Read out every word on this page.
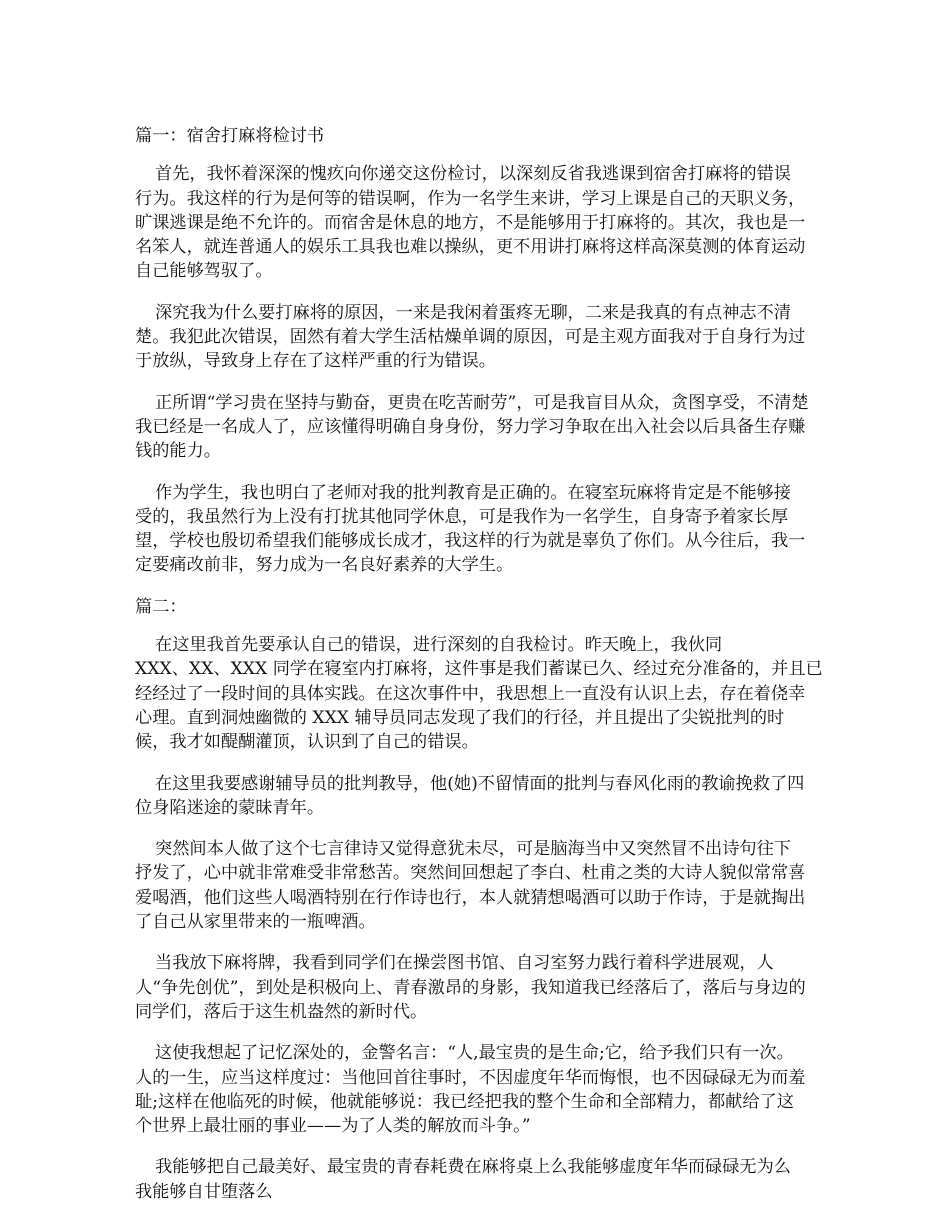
篇一：宿舍打麻将检讨书
首先，我怀着深深的愧疚向你递交这份检讨，以深刻反省我逃课到宿舍打麻将的错误
行为。我这样的行为是何等的错误啊，作为一名学生来讲，学习上课是自己的天职义务，
旷课逃课是绝不允许的。而宿舍是休息的地方，不是能够用于打麻将的。其次，我也是一
名笨人，就连普通人的娱乐工具我也难以操纵，更不用讲打麻将这样高深莫测的体育运动
自己能够驾驭了。
深究我为什么要打麻将的原因，一来是我闲着蛋疼无聊，二来是我真的有点神志不清
楚。我犯此次错误，固然有着大学生活枯燥单调的原因，可是主观方面我对于自身行为过
于放纵，导致身上存在了这样严重的行为错误。
正所谓“学习贵在坚持与勤奋，更贵在吃苦耐劳”，可是我盲目从众，贪图享受，不清楚
我已经是一名成人了，应该懂得明确自身身份，努力学习争取在出入社会以后具备生存赚
钱的能力。
作为学生，我也明白了老师对我的批判教育是正确的。在寝室玩麻将肯定是不能够接
受的，我虽然行为上没有打扰其他同学休息，可是我作为一名学生，自身寄予着家长厚
望，学校也殷切希望我们能够成长成才，我这样的行为就是辜负了你们。从今往后，我一
定要痛改前非，努力成为一名良好素养的大学生。
篇二：
在这里我首先要承认自己的错误，进行深刻的自我检讨。昨天晚上，我伙同
XXX、XX、XXX 同学在寝室内打麻将，这件事是我们蓄谋已久、经过充分准备的，并且已
经经过了一段时间的具体实践。在这次事件中，我思想上一直没有认识上去，存在着侥幸
心理。直到洞烛幽微的 XXX 辅导员同志发现了我们的行径，并且提出了尖锐批判的时
候，我才如醍醐灌顶，认识到了自己的错误。
在这里我要感谢辅导员的批判教导，他(她)不留情面的批判与春风化雨的教谕挽救了四
位身陷迷途的蒙昧青年。
突然间本人做了这个七言律诗又觉得意犹未尽，可是脑海当中又突然冒不出诗句往下
抒发了，心中就非常难受非常愁苦。突然间回想起了李白、杜甫之类的大诗人貌似常常喜
爱喝酒，他们这些人喝酒特别在行作诗也行，本人就猜想喝酒可以助于作诗，于是就掏出
了自己从家里带来的一瓶啤酒。
当我放下麻将牌，我看到同学们在操尝图书馆、自习室努力践行着科学进展观，人
人“争先创优”，到处是积极向上、青春激昂的身影，我知道我已经落后了，落后与身边的
同学们，落后于这生机盎然的新时代。
这使我想起了记忆深处的，金警名言：“人,最宝贵的是生命;它，给予我们只有一次。
人的一生，应当这样度过：当他回首往事时，不因虚度年华而悔恨，也不因碌碌无为而羞
耻;这样在他临死的时候，他就能够说：我已经把我的整个生命和全部精力，都献给了这
个世界上最壮丽的事业——为了人类的解放而斗争。”
我能够把自己最美好、最宝贵的青春耗费在麻将桌上么我能够虚度年华而碌碌无为么
我能够自甘堕落么
